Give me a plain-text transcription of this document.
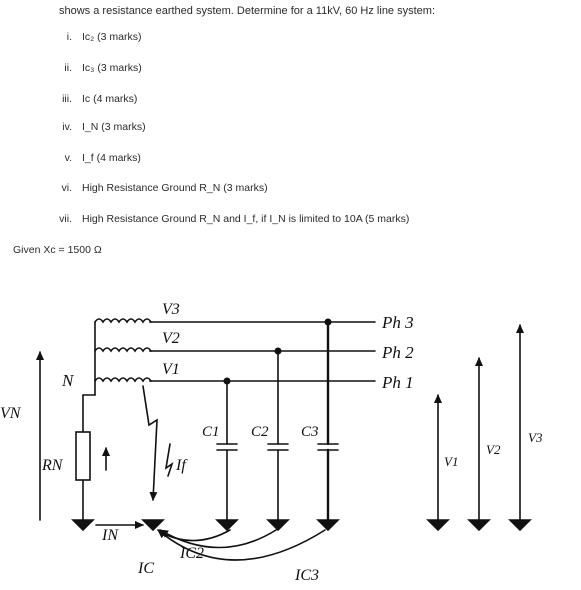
shows a resistance earthed system. Determine for a 11kV, 60 Hz line system:
i. Ic₂ (3 marks)
ii. Ic₃ (3 marks)
iii. Ic (4 marks)
iv. I_N (3 marks)
v. I_f (4 marks)
vi. High Resistance Ground R_N (3 marks)
vii. High Resistance Ground R_N and I_f, if I_N is limited to 10A (5 marks)
Given Xc = 1500 Ω
Ph 3
Ph 2
Ph 1
V3
V2
V1
N
VN
RN	If
C1 C2 C3
IN
IC
IC2
IC3
V1
V2
V3
